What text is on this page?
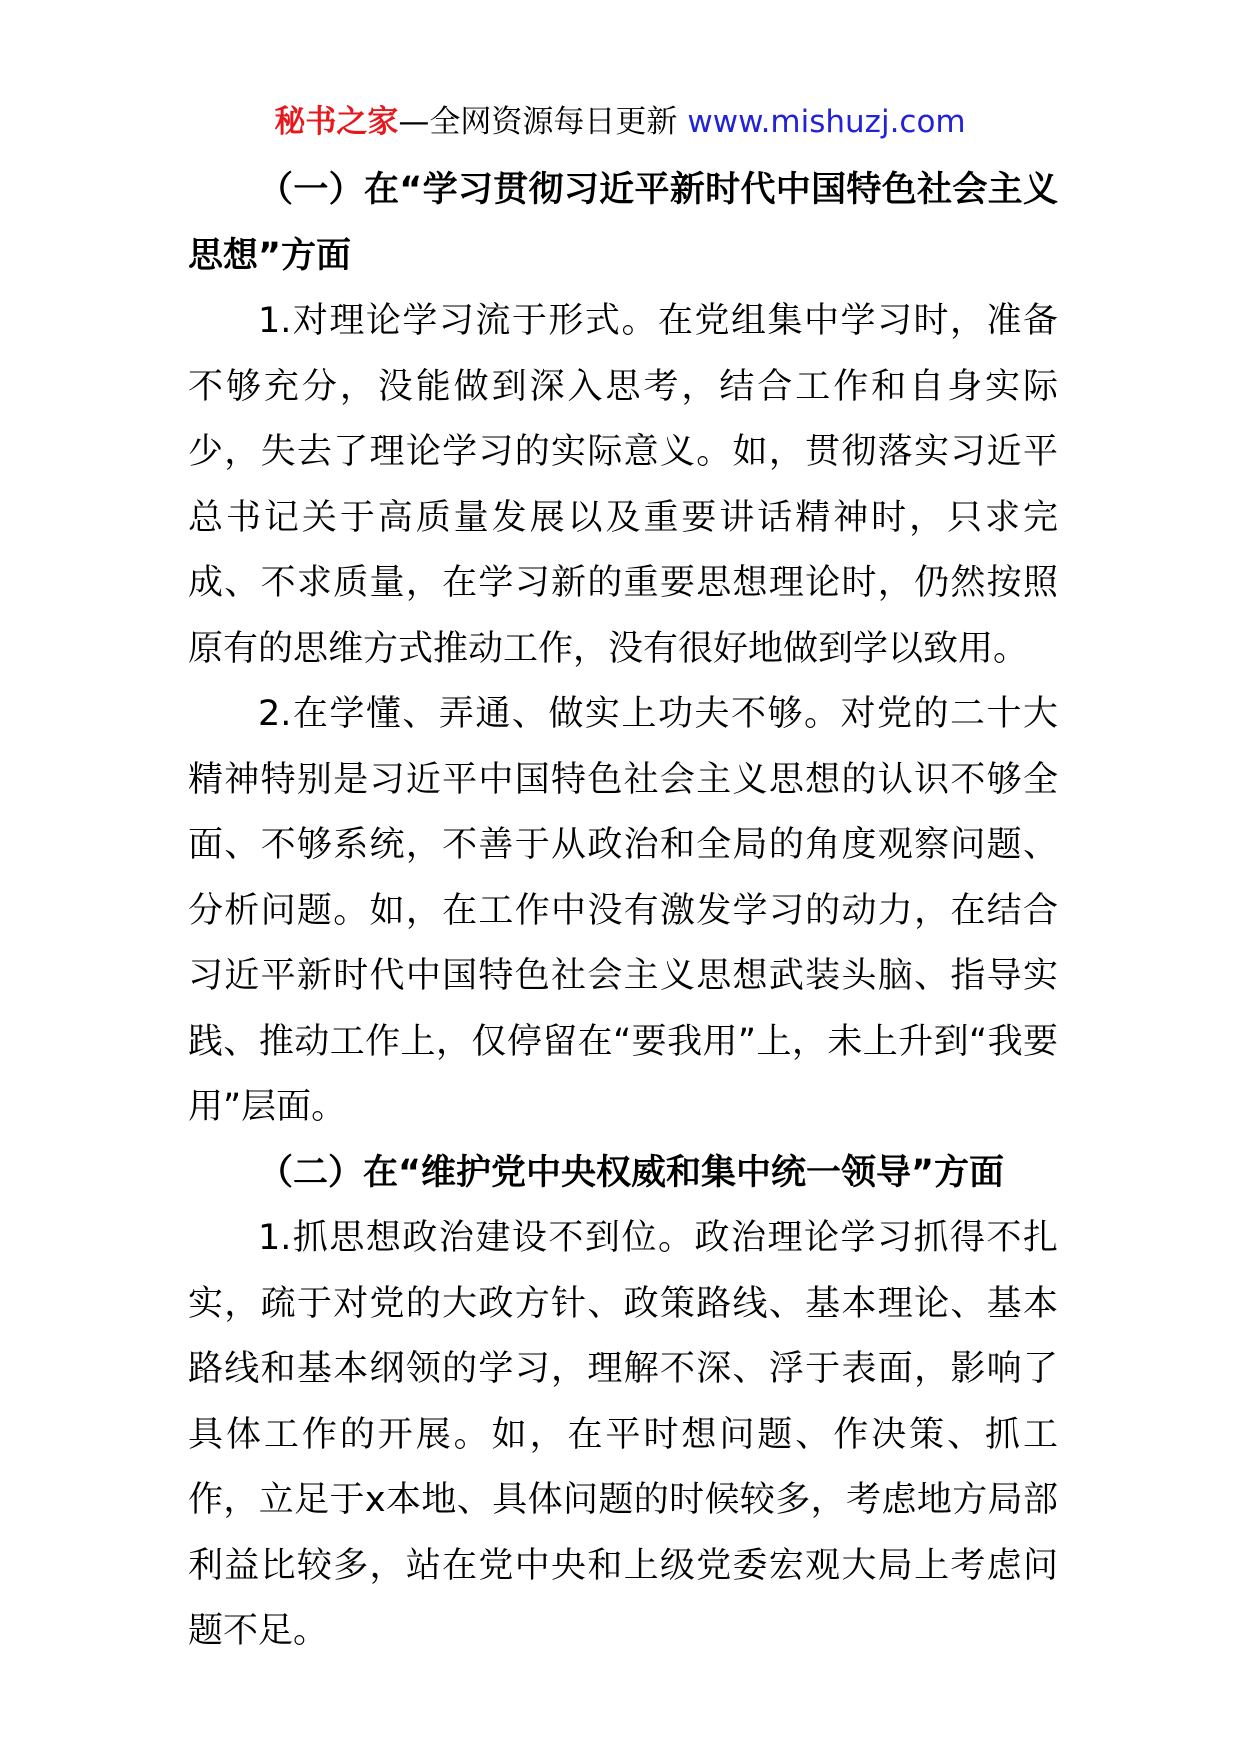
秘书之家—全网资源每日更新 www.mishuzj.com

（一）在“学习贯彻习近平新时代中国特色社会主义思想”方面

1.对理论学习流于形式。在党组集中学习时，准备不够充分，没能做到深入思考，结合工作和自身实际少，失去了理论学习的实际意义。如，贯彻落实习近平总书记关于高质量发展以及重要讲话精神时，只求完成、不求质量，在学习新的重要思想理论时，仍然按照原有的思维方式推动工作，没有很好地做到学以致用。

2.在学懂、弄通、做实上功夫不够。对党的二十大精神特别是习近平中国特色社会主义思想的认识不够全面、不够系统，不善于从政治和全局的角度观察问题、分析问题。如，在工作中没有激发学习的动力，在结合习近平新时代中国特色社会主义思想武装头脑、指导实践、推动工作上，仅停留在“要我用”上，未上升到“我要用”层面。

（二）在“维护党中央权威和集中统一领导”方面

1.抓思想政治建设不到位。政治理论学习抓得不扎实，疏于对党的大政方针、政策路线、基本理论、基本路线和基本纲领的学习，理解不深、浮于表面，影响了具体工作的开展。如，在平时想问题、作决策、抓工作，立足于x本地、具体问题的时候较多，考虑地方局部利益比较多，站在党中央和上级党委宏观大局上考虑问题不足。
